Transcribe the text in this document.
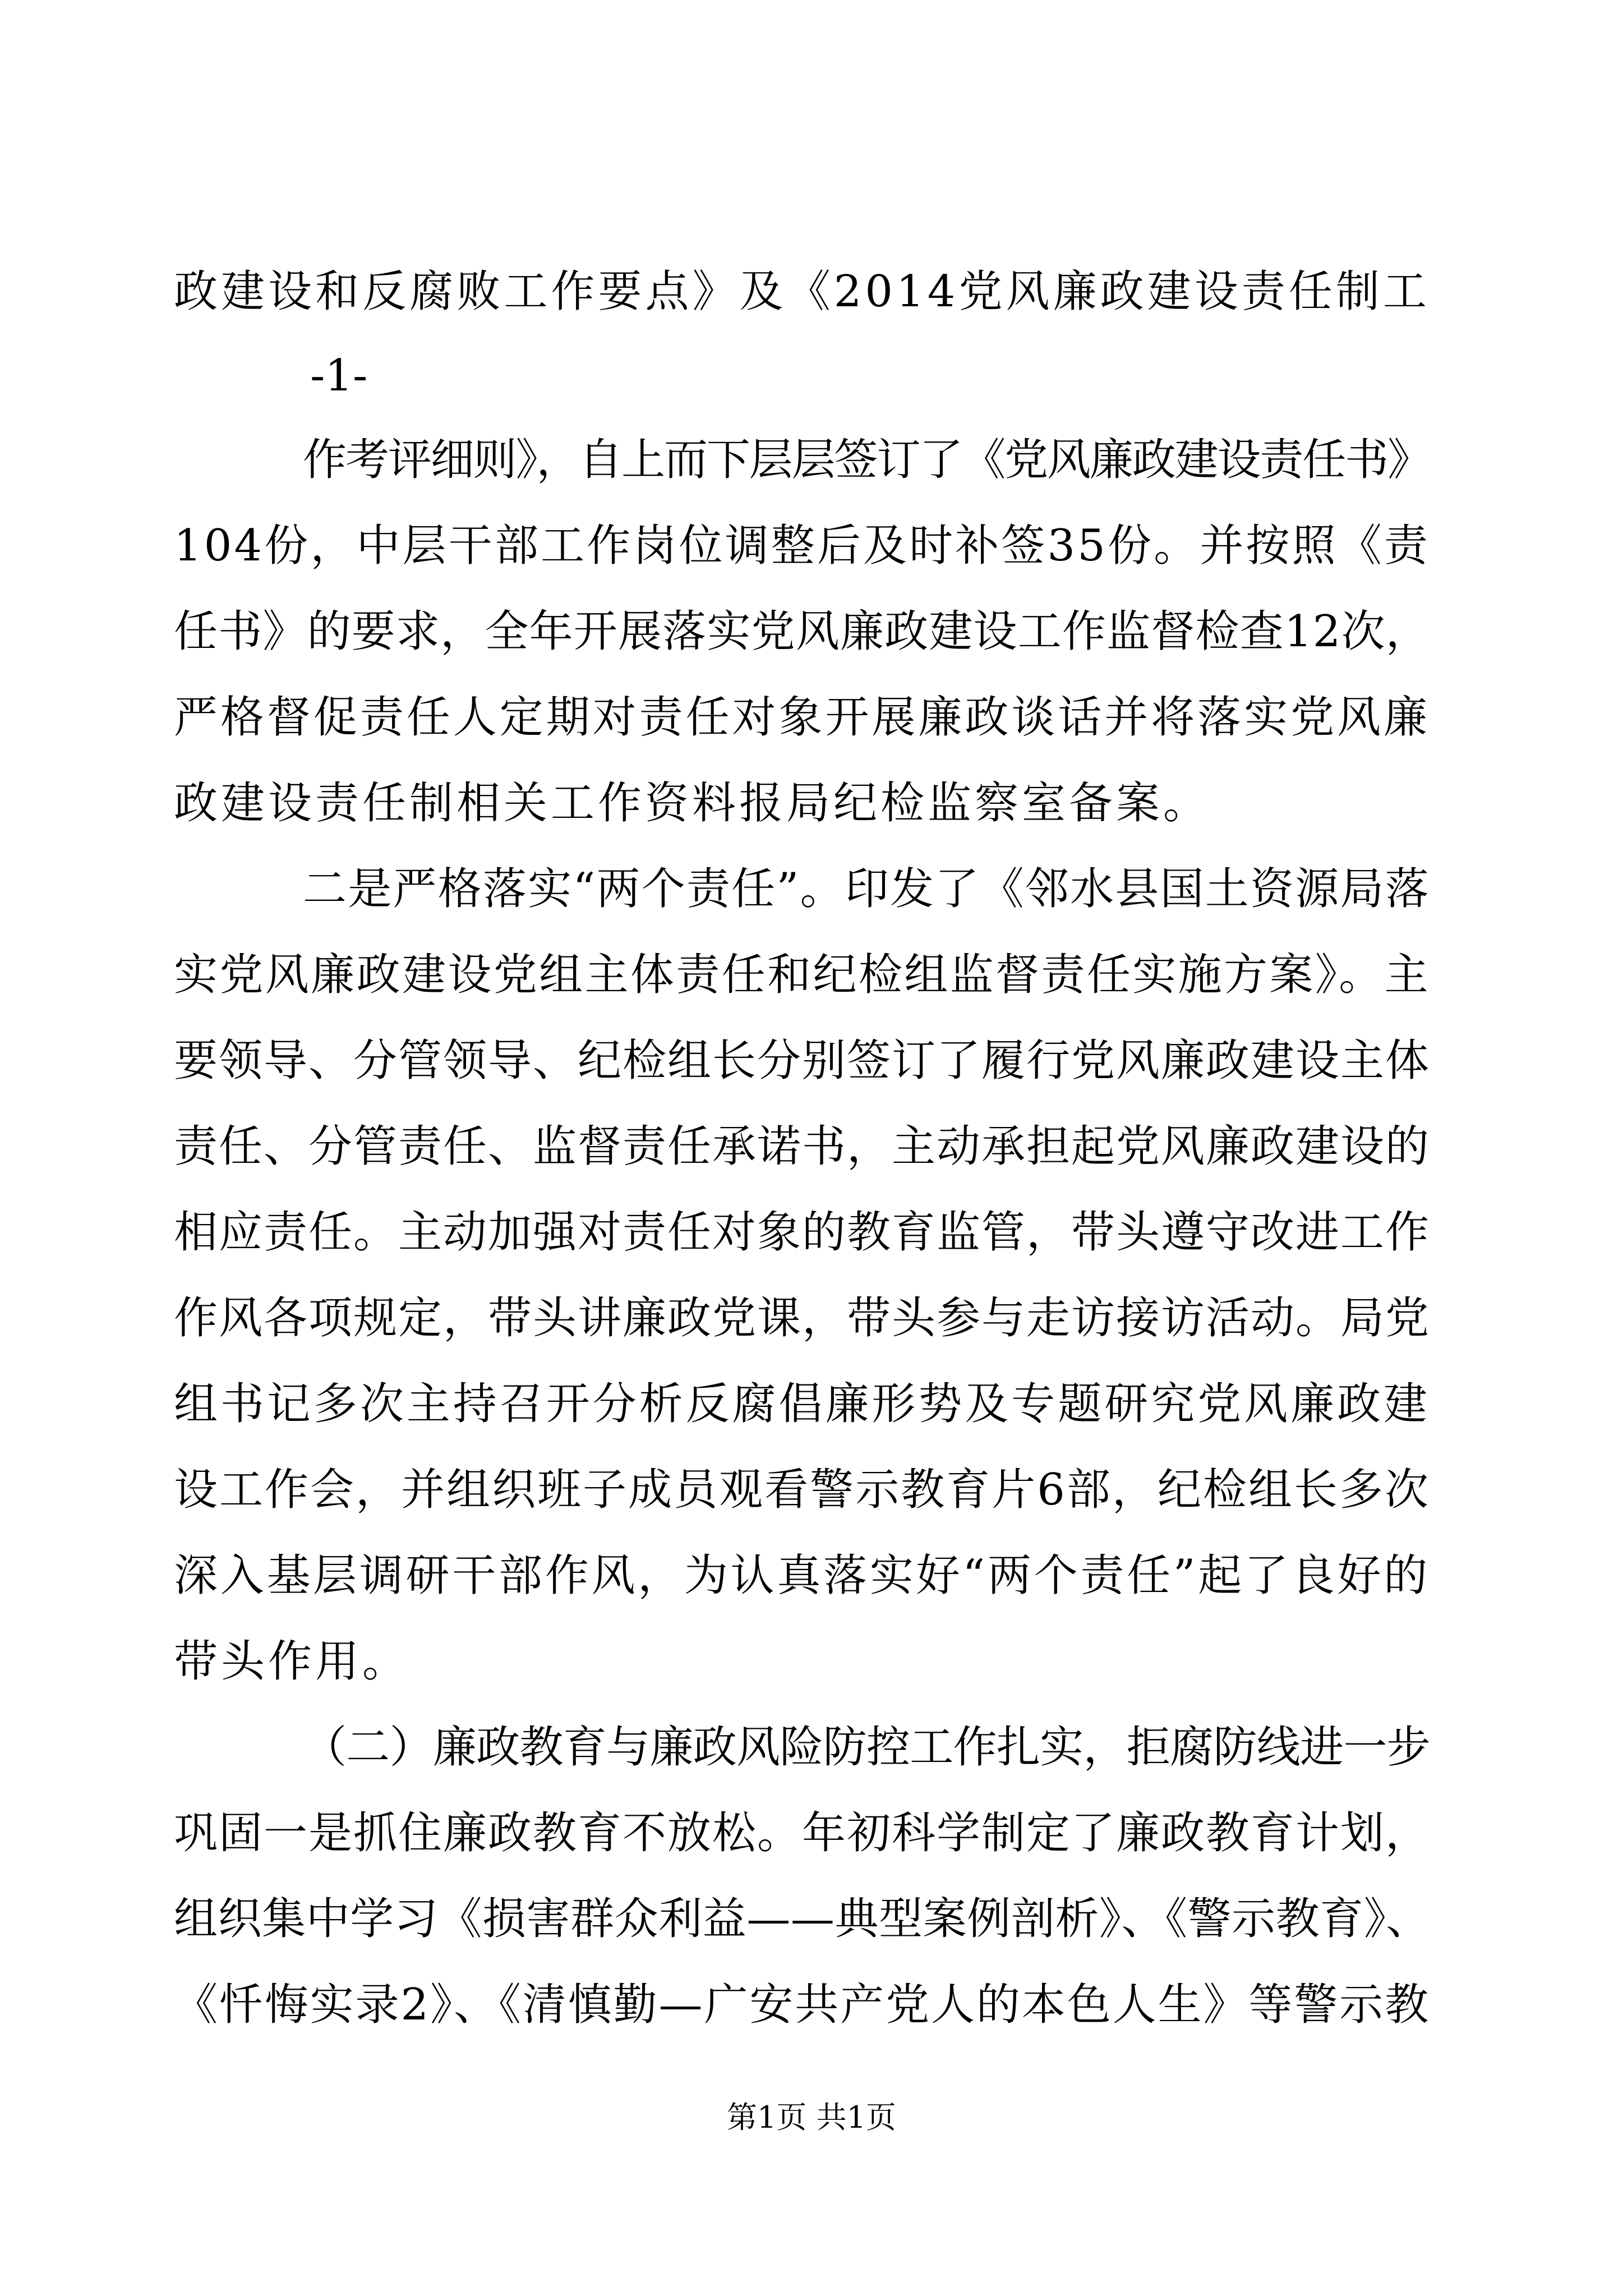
政建设和反腐败工作要点》及《2014党风廉政建设责任制工
-1-
作考评细则》，自上而下层层签订了《党风廉政建设责任书》
104份，中层干部工作岗位调整后及时补签35份。并按照《责
任书》的要求，全年开展落实党风廉政建设工作监督检查12次，
严格督促责任人定期对责任对象开展廉政谈话并将落实党风廉
政建设责任制相关工作资料报局纪检监察室备案。
二是严格落实“两个责任”。印发了《邻水县国土资源局落
实党风廉政建设党组主体责任和纪检组监督责任实施方案》。主
要领导、分管领导、纪检组长分别签订了履行党风廉政建设主体
责任、分管责任、监督责任承诺书，主动承担起党风廉政建设的
相应责任。主动加强对责任对象的教育监管，带头遵守改进工作
作风各项规定，带头讲廉政党课，带头参与走访接访活动。局党
组书记多次主持召开分析反腐倡廉形势及专题研究党风廉政建
设工作会，并组织班子成员观看警示教育片6部，纪检组长多次
深入基层调研干部作风，为认真落实好“两个责任”起了良好的
带头作用。
（二）廉政教育与廉政风险防控工作扎实，拒腐防线进一步
巩固一是抓住廉政教育不放松。年初科学制定了廉政教育计划，
组织集中学习《损害群众利益——典型案例剖析》、《警示教育》、
《忏悔实录2》、《清慎勤—广安共产党人的本色人生》等警示教
第1页 共1页
